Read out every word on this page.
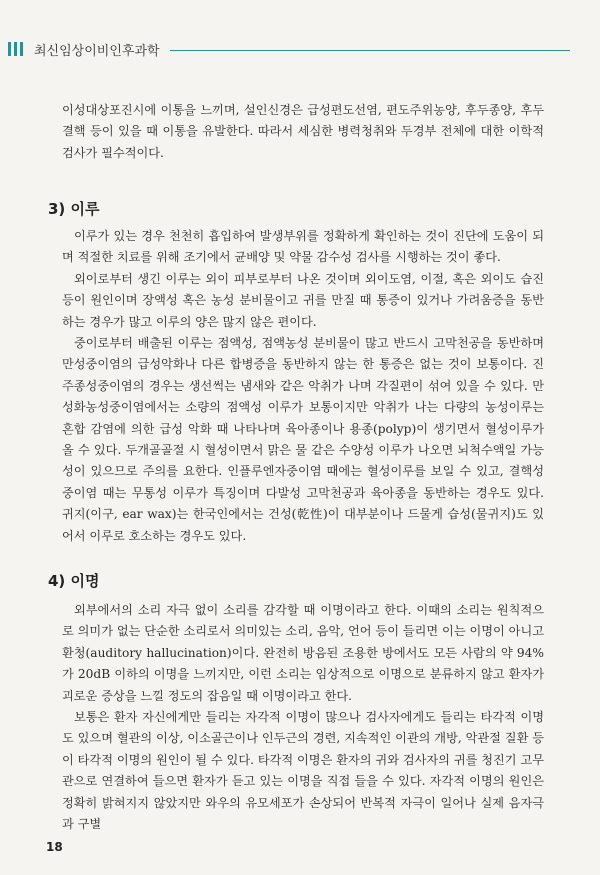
최신임상이비인후과학

이성대상포진시에 이통을 느끼며, 설인신경은 급성편도선염, 편도주위농양, 후두종양, 후두결핵 등이 있을 때 이통을 유발한다. 따라서 세심한 병력청취와 두경부 전체에 대한 이학적 검사가 필수적이다.

3) 이루

이루가 있는 경우 천천히 흡입하여 발생부위를 정확하게 확인하는 것이 진단에 도움이 되며 적절한 치료를 위해 조기에서 균배양 및 약물 감수성 검사를 시행하는 것이 좋다.

외이로부터 생긴 이루는 외이 피부로부터 나온 것이며 외이도염, 이절, 혹은 외이도 습진 등이 원인이며 장액성 혹은 농성 분비물이고 귀를 만질 때 통증이 있거나 가려움증을 동반하는 경우가 많고 이루의 양은 많지 않은 편이다.

중이로부터 배출된 이루는 점액성, 점액농성 분비물이 많고 반드시 고막천공을 동반하며 만성중이염의 급성악화나 다른 합병증을 동반하지 않는 한 통증은 없는 것이 보통이다. 진주종성중이염의 경우는 생선썩는 냄새와 같은 악취가 나며 각질편이 섞여 있을 수 있다. 만성화농성중이염에서는 소량의 점액성 이루가 보통이지만 악취가 나는 다량의 농성이루는 혼합 감염에 의한 급성 악화 때 나타나며 육아종이나 용종(polyp)이 생기면서 혈성이루가 올 수 있다. 두개골골절 시 혈성이면서 맑은 물 같은 수양성 이루가 나오면 뇌척수액일 가능성이 있으므로 주의를 요한다. 인플루엔자중이염 때에는 혈성이루를 보일 수 있고, 결핵성중이염 때는 무통성 이루가 특징이며 다발성 고막천공과 육아종을 동반하는 경우도 있다. 귀지(이구, ear wax)는 한국인에서는 건성(乾性)이 대부분이나 드물게 습성(물귀지)도 있어서 이루로 호소하는 경우도 있다.

4) 이명

외부에서의 소리 자극 없이 소리를 감각할 때 이명이라고 한다. 이때의 소리는 원칙적으로 의미가 없는 단순한 소리로서 의미있는 소리, 음악, 언어 등이 들리면 이는 이명이 아니고 환청(auditory hallucination)이다. 완전히 방음된 조용한 방에서도 모든 사람의 약 94%가 20dB 이하의 이명을 느끼지만, 이런 소리는 임상적으로 이명으로 분류하지 않고 환자가 괴로운 증상을 느낄 정도의 잡음일 때 이명이라고 한다.

보통은 환자 자신에게만 들리는 자각적 이명이 많으나 검사자에게도 들리는 타각적 이명도 있으며 혈관의 이상, 이소골근이나 인두근의 경련, 지속적인 이관의 개방, 악관절 질환 등이 타각적 이명의 원인이 될 수 있다. 타각적 이명은 환자의 귀와 검사자의 귀를 청진기 고무관으로 연결하여 들으면 환자가 듣고 있는 이명을 직접 들을 수 있다. 자각적 이명의 원인은 정확히 밝혀지지 않았지만 와우의 유모세포가 손상되어 반복적 자극이 일어나 실제 음자극과 구별

18
